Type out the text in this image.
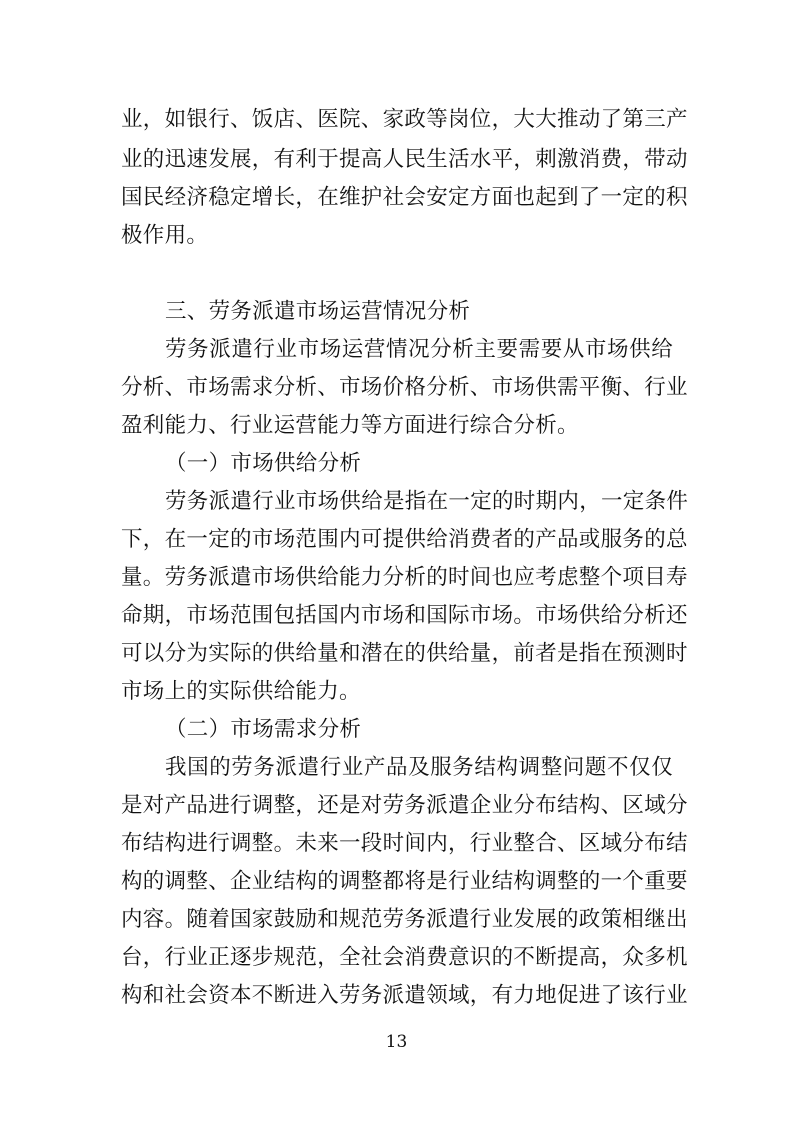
业，如银行、饭店、医院、家政等岗位，大大推动了第三产
业的迅速发展，有利于提高人民生活水平，刺激消费，带动
国民经济稳定增长，在维护社会安定方面也起到了一定的积
极作用。
三、劳务派遣市场运营情况分析
劳务派遣行业市场运营情况分析主要需要从市场供给
分析、市场需求分析、市场价格分析、市场供需平衡、行业
盈利能力、行业运营能力等方面进行综合分析。
（一）市场供给分析
劳务派遣行业市场供给是指在一定的时期内，一定条件
下，在一定的市场范围内可提供给消费者的产品或服务的总
量。劳务派遣市场供给能力分析的时间也应考虑整个项目寿
命期，市场范围包括国内市场和国际市场。市场供给分析还
可以分为实际的供给量和潜在的供给量，前者是指在预测时
市场上的实际供给能力。
（二）市场需求分析
我国的劳务派遣行业产品及服务结构调整问题不仅仅
是对产品进行调整，还是对劳务派遣企业分布结构、区域分
布结构进行调整。未来一段时间内，行业整合、区域分布结
构的调整、企业结构的调整都将是行业结构调整的一个重要
内容。随着国家鼓励和规范劳务派遣行业发展的政策相继出
台，行业正逐步规范，全社会消费意识的不断提高，众多机
构和社会资本不断进入劳务派遣领域，有力地促进了该行业
13
